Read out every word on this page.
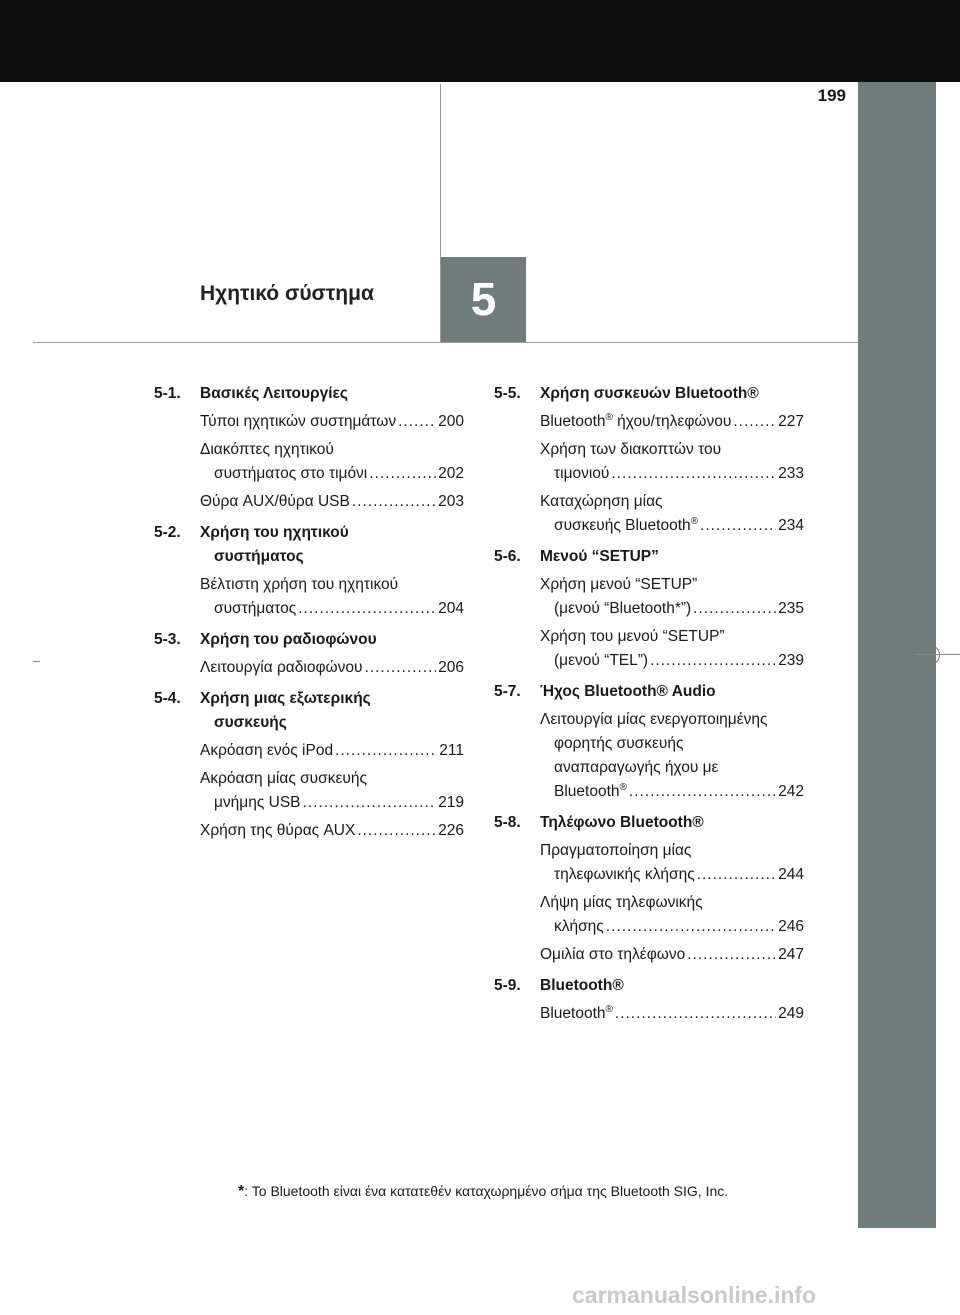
199
Ηχητικό σύστημα	5
5-1.	Βασικές Λειτουργίες
Τύποι ηχητικών συστημάτων .....	200
Διακόπτες ηχητικού
συστήματος στο τιμόνι .....	202
Θύρα AUX/θύρα USB .....	203
5-2.	Χρήση του ηχητικού
συστήματος
Βέλτιστη χρήση του ηχητικού
συστήματος .....	204
5-3.	Χρήση του ραδιοφώνου
Λειτουργία ραδιοφώνου .....	206
5-4.	Χρήση μιας εξωτερικής
συσκευής
Ακρόαση ενός iPod .....	211
Ακρόαση μίας συσκευής
μνήμης USB .....	219
Χρήση της θύρας AUX .....	226
5-5.	Χρήση συσκευών Bluetooth®
Bluetooth® ήχου/τηλεφώνου .....	227
Χρήση των διακοπτών του
τιμονιού .....	233
Καταχώρηση μίας
συσκευής Bluetooth® .....	234
5-6.	Μενού “SETUP”
Χρήση μενού “SETUP”
(μενού “Bluetooth*”) .....	235
Χρήση του μενού “SETUP”
(μενού “TEL”) .....	239
5-7.	Ήχος Bluetooth® Audio
Λειτουργία μίας ενεργοποιημένης
φορητής συσκευής
αναπαραγωγής ήχου με
Bluetooth® .....	242
5-8.	Τηλέφωνο Bluetooth®
Πραγματοποίηση μίας
τηλεφωνικής κλήσης .....	244
Λήψη μίας τηλεφωνικής
κλήσης .....	246
Ομιλία στο τηλέφωνο .....	247
5-9.	Bluetooth®
Bluetooth® .....	249
*: Το Bluetooth είναι ένα κατατεθέν καταχωρημένο σήμα της Bluetooth SIG, Inc.
carmanualsonline.info
